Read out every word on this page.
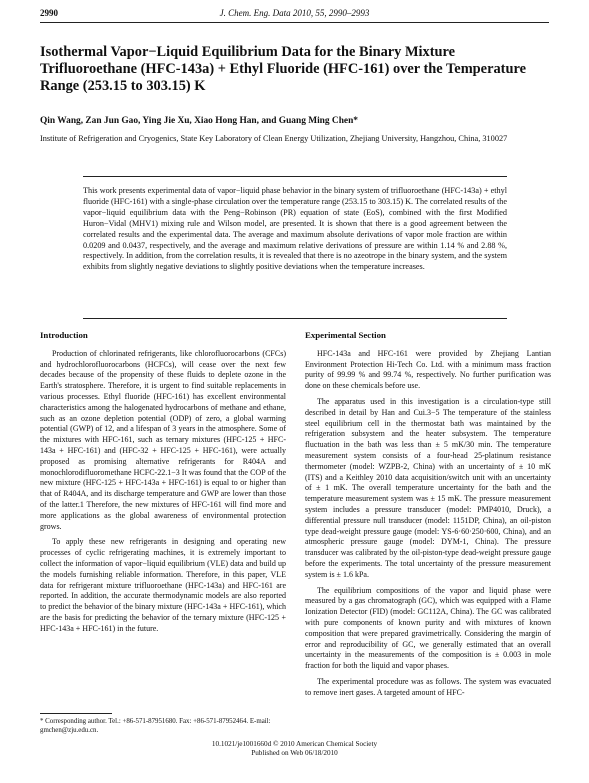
2990	J. Chem. Eng. Data 2010, 55, 2990–2993
Isothermal Vapor−Liquid Equilibrium Data for the Binary Mixture Trifluoroethane (HFC-143a) + Ethyl Fluoride (HFC-161) over the Temperature Range (253.15 to 303.15) K
Qin Wang, Zan Jun Gao, Ying Jie Xu, Xiao Hong Han, and Guang Ming Chen*
Institute of Refrigeration and Cryogenics, State Key Laboratory of Clean Energy Utilization, Zhejiang University, Hangzhou, China, 310027
This work presents experimental data of vapor−liquid phase behavior in the binary system of trifluoroethane (HFC-143a) + ethyl fluoride (HFC-161) with a single-phase circulation over the temperature range (253.15 to 303.15) K. The correlated results of the vapor−liquid equilibrium data with the Peng−Robinson (PR) equation of state (EoS), combined with the first Modified Huron−Vidal (MHV1) mixing rule and Wilson model, are presented. It is shown that there is a good agreement between the correlated results and the experimental data. The average and maximum absolute derivations of vapor mole fraction are within 0.0209 and 0.0437, respectively, and the average and maximum relative derivations of pressure are within 1.14 % and 2.88 %, respectively. In addition, from the correlation results, it is revealed that there is no azeotrope in the binary system, and the system exhibits from slightly negative deviations to slightly positive deviations when the temperature increases.
Introduction

Production of chlorinated refrigerants, like chlorofluorocarbons (CFCs) and hydrochlorofluorocarbons (HCFCs), will cease over the next few decades because of the propensity of these fluids to deplete ozone in the Earth's stratosphere. Therefore, it is urgent to find suitable replacements in various processes. Ethyl fluoride (HFC-161) has excellent environmental characteristics among the halogenated hydrocarbons of methane and ethane, such as an ozone depletion potential (ODP) of zero, a global warming potential (GWP) of 12, and a lifespan of 3 years in the atmosphere. Some of the mixtures with HFC-161, such as ternary mixtures (HFC-125 + HFC-143a + HFC-161) and (HFC-32 + HFC-125 + HFC-161), were actually proposed as promising alternative refrigerants for R404A and monochlorodifluoromethane HCFC-22.1−3 It was found that the COP of the new mixture (HFC-125 + HFC-143a + HFC-161) is equal to or higher than that of R404A, and its discharge temperature and GWP are lower than those of the latter.1 Therefore, the new mixtures of HFC-161 will find more and more applications as the global awareness of environmental protection grows.

To apply these new refrigerants in designing and operating new processes of cyclic refrigerating machines, it is extremely important to collect the information of vapor−liquid equilibrium (VLE) data and build up the models furnishing reliable information. Therefore, in this paper, VLE data for refrigerant mixture trifluoroethane (HFC-143a) and HFC-161 are reported. In addition, the accurate thermodynamic models are also reported to predict the behavior of the binary mixture (HFC-143a + HFC-161), which are the basis for predicting the behavior of the ternary mixture (HFC-125 + HFC-143a + HFC-161) in the future.

Experimental Section

HFC-143a and HFC-161 were provided by Zhejiang Lantian Environment Protection Hi-Tech Co. Ltd. with a minimum mass fraction purity of 99.99 % and 99.74 %, respectively. No further purification was done on these chemicals before use.

The apparatus used in this investigation is a circulation-type still described in detail by Han and Cui.3−5 The temperature of the stainless steel equilibrium cell in the thermostat bath was maintained by the refrigeration subsystem and the heater subsystem. The temperature fluctuation in the bath was less than ± 5 mK/30 min. The temperature measurement system consists of a four-head 25-platinum resistance thermometer (model: WZPB-2, China) with an uncertainty of ± 10 mK (ITS) and a Keithley 2010 data acquisition/switch unit with an uncertainty of ± 1 mK. The overall temperature uncertainty for the bath and the temperature measurement system was ± 15 mK. The pressure measurement system includes a pressure transducer (model: PMP4010, Druck), a differential pressure null transducer (model: 1151DP, China), an oil-piston type dead-weight pressure gauge (model: YS-6·60·250·600, China), and an atmospheric pressure gauge (model: DYM-1, China). The pressure transducer was calibrated by the oil-piston-type dead-weight pressure gauge before the experiments. The total uncertainty of the pressure measurement system is ± 1.6 kPa.

The equilibrium compositions of the vapor and liquid phase were measured by a gas chromatograph (GC), which was equipped with a Flame Ionization Detector (FID) (model: GC112A, China). The GC was calibrated with pure components of known purity and with mixtures of known composition that were prepared gravimetrically. Considering the margin of error and reproducibility of GC, we generally estimated that an overall uncertainty in the measurements of the composition is ± 0.003 in mole fraction for both the liquid and vapor phases.

The experimental procedure was as follows. The system was evacuated to remove inert gases. A targeted amount of HFC-

* Corresponding author. Tel.: +86-571-87951680. Fax: +86-571-87952464. E-mail: gmchen@zju.edu.cn.
10.1021/je1001660d © 2010 American Chemical Society
Published on Web 06/18/2010
